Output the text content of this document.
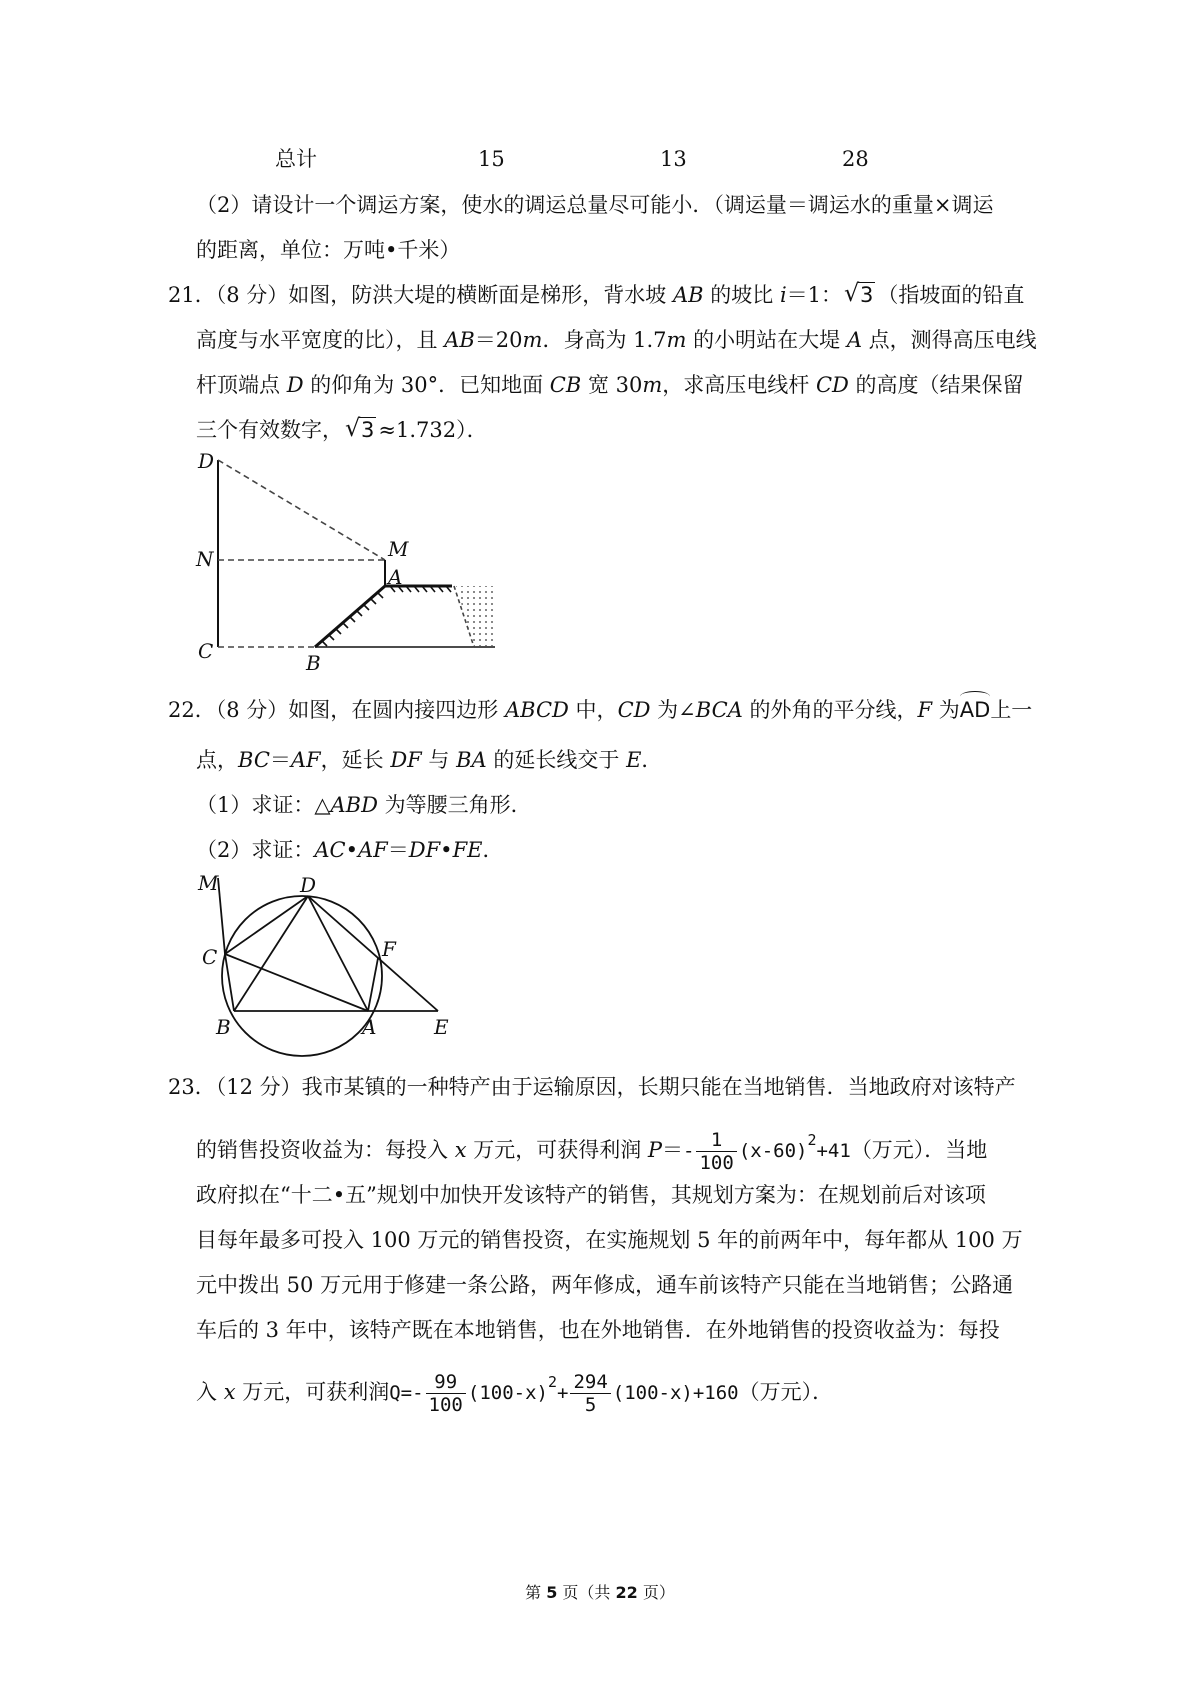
总计	15	13	28
（2）请设计一个调运方案，使水的调运总量尽可能小．（调运量＝调运水的重量×调运
的距离，单位：万吨•千米）
21．（8 分）如图，防洪大堤的横断面是梯形，背水坡 AB 的坡比 i＝1： √ 3 （指坡面的铅直
高度与水平宽度的比），且 AB＝20m．身高为 1.7m 的小明站在大堤 A 点，测得高压电线
杆顶端点 D 的仰角为 30°．已知地面 CB 宽 30m，求高压电线杆 CD 的高度（结果保留
三个有效数字， √ 3 ≈1.732）．
D
N	M
A
C	B
22．（8 分）如图，在圆内接四边形 ABCD 中，CD 为∠BCA 的外角的平分线，F 为AD上一
点，BC＝AF，延长 DF 与 BA 的延长线交于 E．
（1）求证：△ABD 为等腰三角形．
（2）求证：AC•AF＝DF•FE．
M	D
C	F
B	A	E
23．（12 分）我市某镇的一种特产由于运输原因，长期只能在当地销售．当地政府对该特产
的销售投资收益为：每投入 x 万元，可获得利润 $P=- \frac{1}{100} (x-60)^2+41$（万元）．当地
政府拟在“十二•五”规划中加快开发该特产的销售，其规划方案为：在规划前后对该项
目每年最多可投入 100 万元的销售投资，在实施规划 5 年的前两年中，每年都从 100 万
元中拨出 50 万元用于修建一条公路，两年修成，通车前该特产只能在当地销售；公路通
车后的 3 年中，该特产既在本地销售，也在外地销售．在外地销售的投资收益为：每投
入 x 万元，可获利润$Q=- \frac{99}{100} (100-x)^2+ \frac{294}{5} (100-x)+160$（万元）．
第 5 页（共 22 页）
